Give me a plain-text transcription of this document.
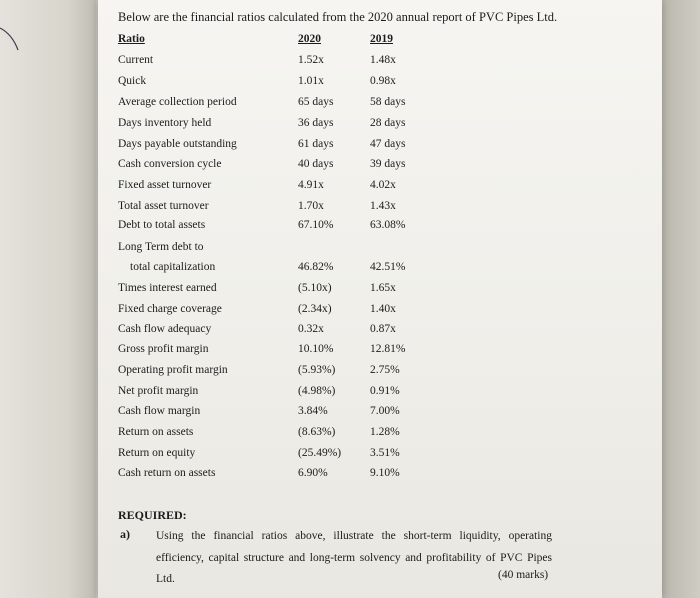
Below are the financial ratios calculated from the 2020 annual report of PVC Pipes Ltd.
Ratio	2020	2019
Current	1.52x	1.48x
Quick	1.01x	0.98x
Average collection period	65 days	58 days
Days inventory held	36 days	28 days
Days payable outstanding	61 days	47 days
Cash conversion cycle	40 days	39 days
Fixed asset turnover	4.91x	4.02x
Total asset turnover	1.70x	1.43x
Debt to total assets	67.10%	63.08%
Long Term debt to
total capitalization	46.82%	42.51%
Times interest earned	(5.10x)	1.65x
Fixed charge coverage	(2.34x)	1.40x
Cash flow adequacy	0.32x	0.87x
Gross profit margin	10.10%	12.81%
Operating profit margin	(5.93%)	2.75%
Net profit margin	(4.98%)	0.91%
Cash flow margin	3.84%	7.00%
Return on assets	(8.63%)	1.28%
Return on equity	(25.49%)	3.51%
Cash return on assets	6.90%	9.10%
REQUIRED:
a) Using the financial ratios above, illustrate the short-term liquidity, operating efficiency, capital structure and long-term solvency and profitability of PVC Pipes Ltd.	(40 marks)
